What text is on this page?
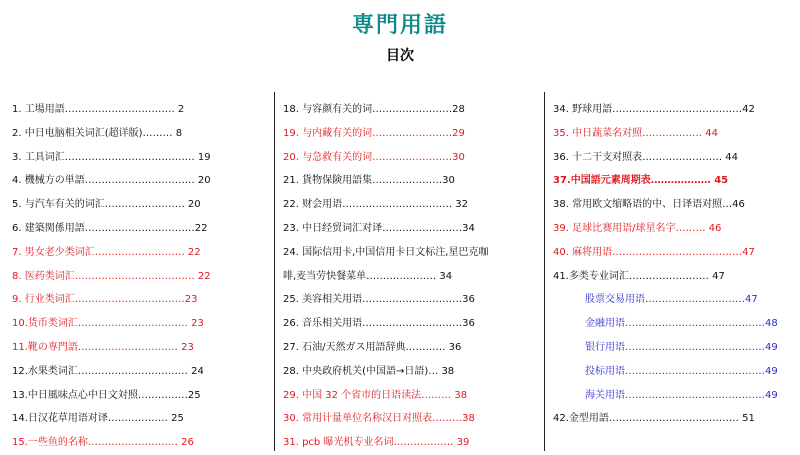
専門用語
目次
1. 工場用語…………………………… 2
2. 中日电脑相关词汇(超详版)……… 8
3. 工具词汇………………………………… 19
4. 機械方の単語…………………………… 20
5. 与汽车有关的词汇…………………… 20
6. 建築関係用語……………………………22
7. 男女老少类词汇……………………… 22
8. 医药类词汇……………………………… 22
9. 行业类词汇……………………………23
10.货币类词汇…………………………… 23
11.靴の専門語………………………… 23
12.水果类词汇…………………………… 24
13.中日風味点心中日文対照……………25
14.日汉花草用语对译……………… 25
15.一些鱼的名称……………………… 26
18. 与容颜有关的词……………………28
19. 与内藏有关的词……………………29
20. 与急救有关的词……………………30
21. 貨物保険用語集…………………30
22. 财会用语…………………………… 32
23. 中日经贸词汇对译……………………34
24. 国际信用卡,中国信用卡日文标注,星巴克咖
啡,麦当劳快餐菜单………………… 34
25. 美容相关用语…………………………36
26. 音乐相关用语…………………………36
27. 石油/天然ガス用語辞典………… 36
28. 中央政府机关(中国語→日語)… 38
29. 中国 32 个省市的日语读法……… 38
30. 常用计量单位名称汉日对照表………38
31. pcb 曝光机专业名词……………… 39
34. 野球用語…………………………………42
35. 中日蔬菜名对照……………… 44
36. 十二干支对照表…………………… 44
37.中国語元素周期表……………… 45
38. 常用欧文缩略语的中、日译语对照…46
39. 足球比赛用语/球星名字……… 46
40. 麻将用语…………………………………47
41.多类专业词汇…………………… 47
股票交易用语…………………………47
金融用语……………………………………48
银行用语……………………………………49
投标用语……………………………………49
海关用语……………………………………49
42.金型用語………………………………… 51
